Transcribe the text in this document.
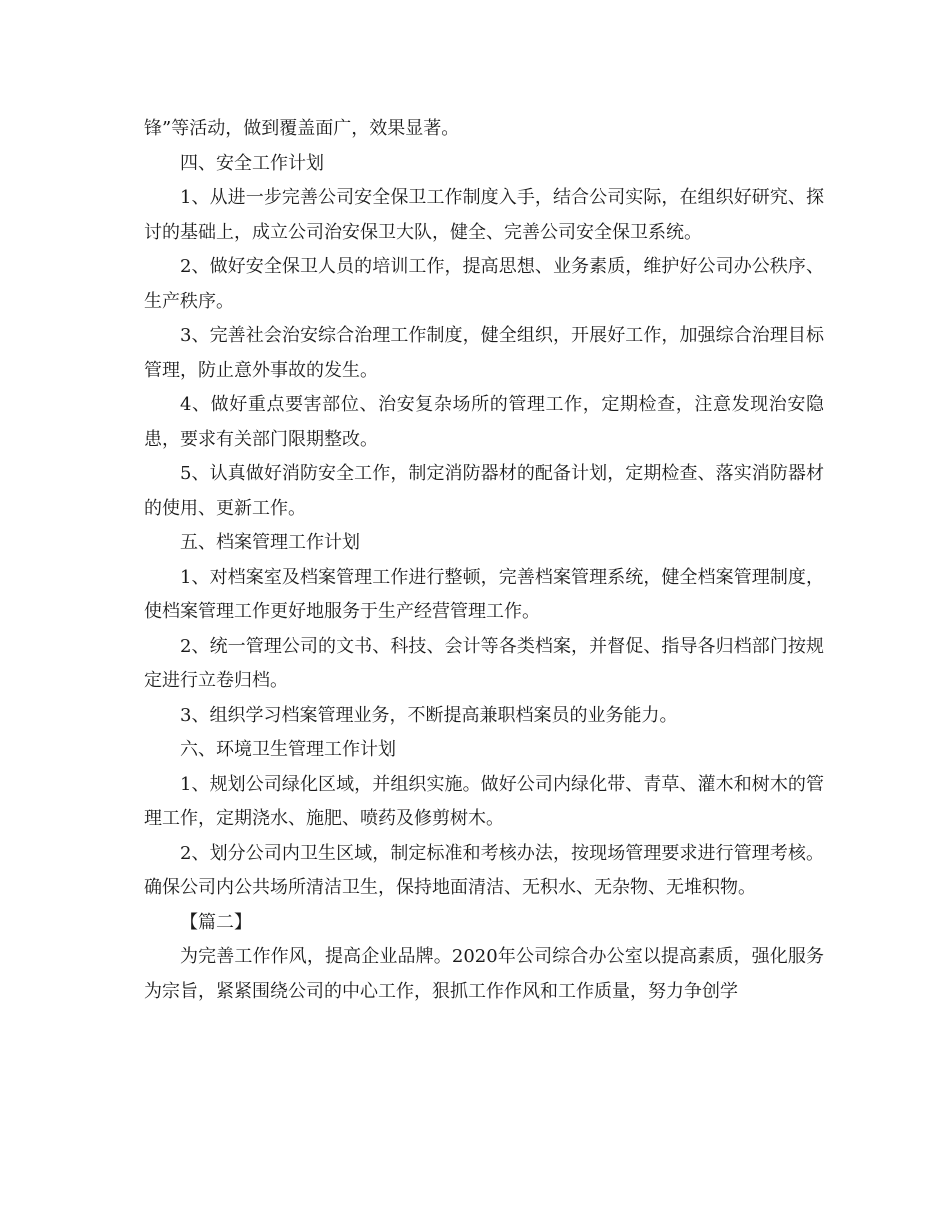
锋”等活动，做到覆盖面广，效果显著。

四、安全工作计划

1、从进一步完善公司安全保卫工作制度入手，结合公司实际，在组织好研究、探讨的基础上，成立公司治安保卫大队，健全、完善公司安全保卫系统。

2、做好安全保卫人员的培训工作，提高思想、业务素质，维护好公司办公秩序、生产秩序。

3、完善社会治安综合治理工作制度，健全组织，开展好工作，加强综合治理目标管理，防止意外事故的发生。

4、做好重点要害部位、治安复杂场所的管理工作，定期检查，注意发现治安隐患，要求有关部门限期整改。

5、认真做好消防安全工作，制定消防器材的配备计划，定期检查、落实消防器材的使用、更新工作。

五、档案管理工作计划

1、对档案室及档案管理工作进行整顿，完善档案管理系统，健全档案管理制度，使档案管理工作更好地服务于生产经营管理工作。

2、统一管理公司的文书、科技、会计等各类档案，并督促、指导各归档部门按规定进行立卷归档。

3、组织学习档案管理业务，不断提高兼职档案员的业务能力。

六、环境卫生管理工作计划

1、规划公司绿化区域，并组织实施。做好公司内绿化带、青草、灌木和树木的管理工作，定期浇水、施肥、喷药及修剪树木。

2、划分公司内卫生区域，制定标准和考核办法，按现场管理要求进行管理考核。确保公司内公共场所清洁卫生，保持地面清洁、无积水、无杂物、无堆积物。

【篇二】

为完善工作作风，提高企业品牌。2020年公司综合办公室以提高素质，强化服务为宗旨，紧紧围绕公司的中心工作，狠抓工作作风和工作质量，努力争创学
